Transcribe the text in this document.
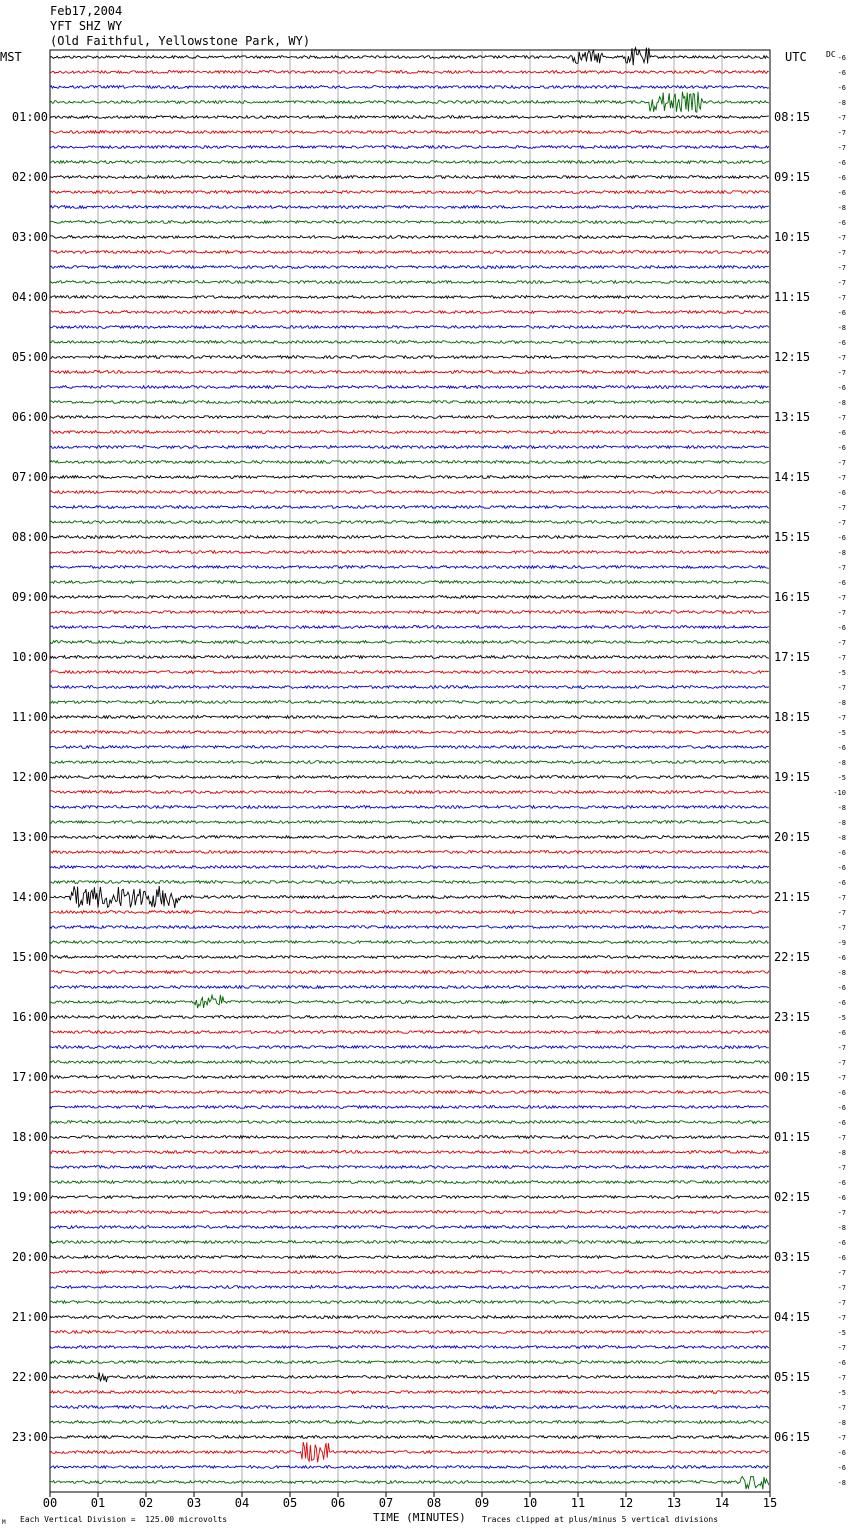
Feb17,2004
YFT SHZ WY
(Old Faithful, Yellowstone Park, WY)
MST	UTC DC
01:00
02:00
03:00
04:00
05:00
06:00
07:00
08:00
09:00
10:00
11:00
12:00
13:00
14:00
15:00
16:00
17:00
18:00
19:00
20:00
21:00
22:00
23:00
08:15
09:15
10:15
11:15
12:15
13:15
14:15
15:15
16:15
17:15
18:15
19:15
20:15
21:15
22:15
23:15
00:15
01:15
02:15
03:15
04:15
05:15
06:15
-6
-6
-6
-8
-7
-7
-7
-6
-6
-6
-8
-6
-7
-7
-7
-7
-7
-6
-8
-6
-7
-7
-6
-8
-7
-6
-6
-7
-7
-6
-7
-7
-6
-8
-7
-6
-7
-7
-6
-7
-7
-5
-7
-8
-7
-5
-6
-8
-5
-10
-8
-8
-8
-6
-6
-6
-7
-7
-7
-9
-6
-8
-6
-6
-5
-6
-7
-7
-7
-6
-6
-6
-7
-8
-7
-6
-6
-7
-8
-6
-6
-7
-7
-7
-7
-5
-7
-6
-7
-5
-7
-8
-7
-6
-6
-8
00	01	02	03	04	05	06	07	08	09	10	11	12	13	14	15
M Each Vertical Division =  125.00 microvolts	TIME (MINUTES) Traces clipped at plus/minus 5 vertical divisions
